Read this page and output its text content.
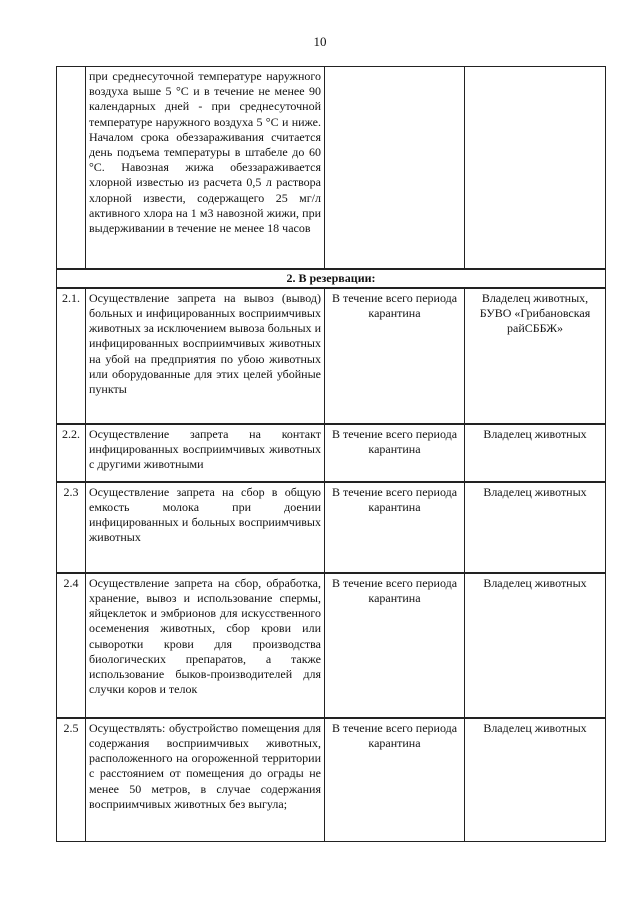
10
	при среднесуточной температуре наружного воздуха выше 5 °С и в течение не менее 90 календарных дней - при среднесуточной температуре наружного воздуха 5 °С и ниже. Началом срока обеззараживания считается день подъема температуры в штабеле до 60 °С. Навозная жижа обеззараживается хлорной известью из расчета 0,5 л раствора хлорной извести, содержащего 25 мг/л активного хлора на 1 м3 навозной жижи, при выдерживании в течение не менее 18 часов		
2. В резервации:			
2.1.	Осуществление запрета на вывоз (вывод) больных и инфицированных восприимчивых животных за исключением вывоза больных и инфицированных восприимчивых животных на убой на предприятия по убою животных или оборудованные для этих целей убойные пункты	В течение всего периода карантина	Владелец животных, БУВО «Грибановская райСББЖ»
2.2.	Осуществление запрета на контакт инфицированных восприимчивых животных с другими животными	В течение всего периода карантина	Владелец животных
2.3	Осуществление запрета на сбор в общую емкость молока при доении инфицированных и больных восприимчивых животных	В течение всего периода карантина	Владелец животных
2.4	Осуществление запрета на сбор, обработка, хранение, вывоз и использование спермы, яйцеклеток и эмбрионов для искусственного осеменения животных, сбор крови или сыворотки крови для производства биологических препаратов, а также использование быков-производителей для случки коров и телок	В течение всего периода карантина	Владелец животных
2.5	Осуществлять: обустройство помещения для содержания восприимчивых животных, расположенного на огороженной территории с расстоянием от помещения до ограды не менее 50 метров, в случае содержания восприимчивых животных без выгула;	В течение всего периода карантина	Владелец животных
